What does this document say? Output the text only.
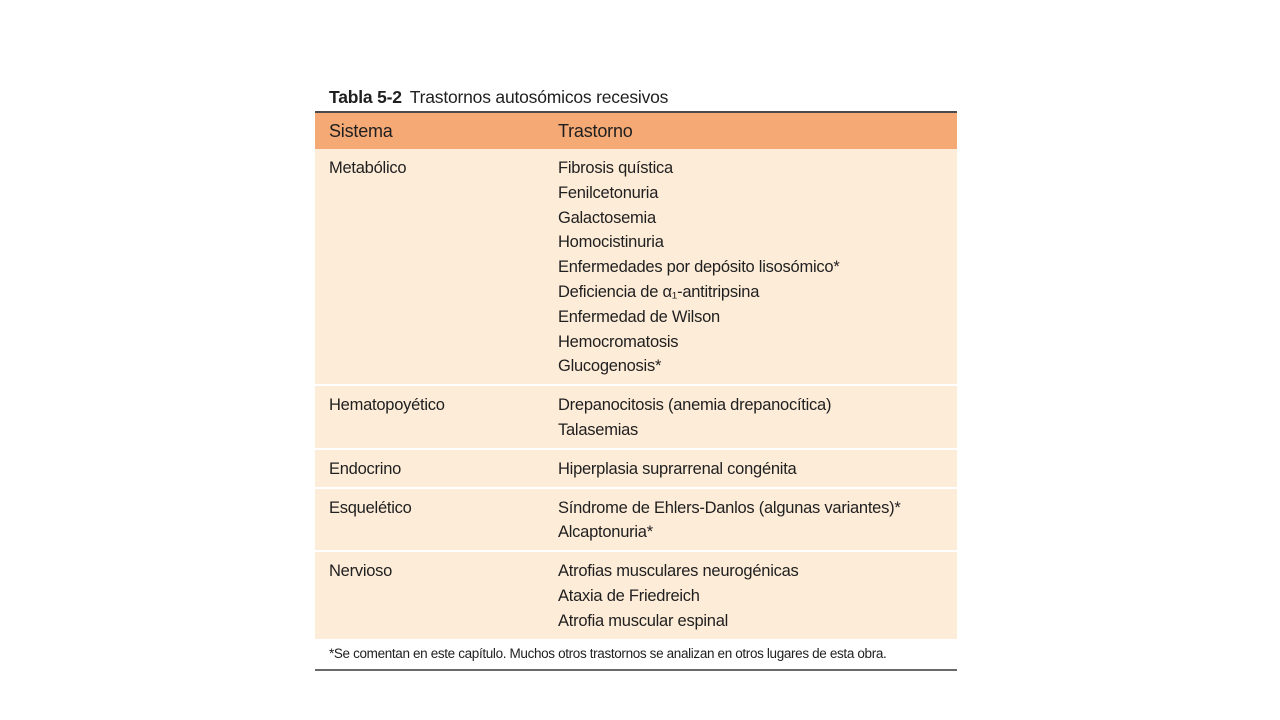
Tabla 5-2 Trastornos autosómicos recesivos
Sistema	Trastorno
Metabólico	Fibrosis quística
Fenilcetonuria
Galactosemia
Homocistinuria
Enfermedades por depósito lisosómico*
Deficiencia de α₁-antitripsina
Enfermedad de Wilson
Hemocromatosis
Glucogenosis*
Hematopoyético	Drepanocitosis (anemia drepanocítica)
Talasemias
Endocrino	Hiperplasia suprarrenal congénita
Esquelético	Síndrome de Ehlers-Danlos (algunas variantes)*
Alcaptonuria*
Nervioso	Atrofias musculares neurogénicas
Ataxia de Friedreich
Atrofia muscular espinal
*Se comentan en este capítulo. Muchos otros trastornos se analizan en otros lugares de esta obra.
